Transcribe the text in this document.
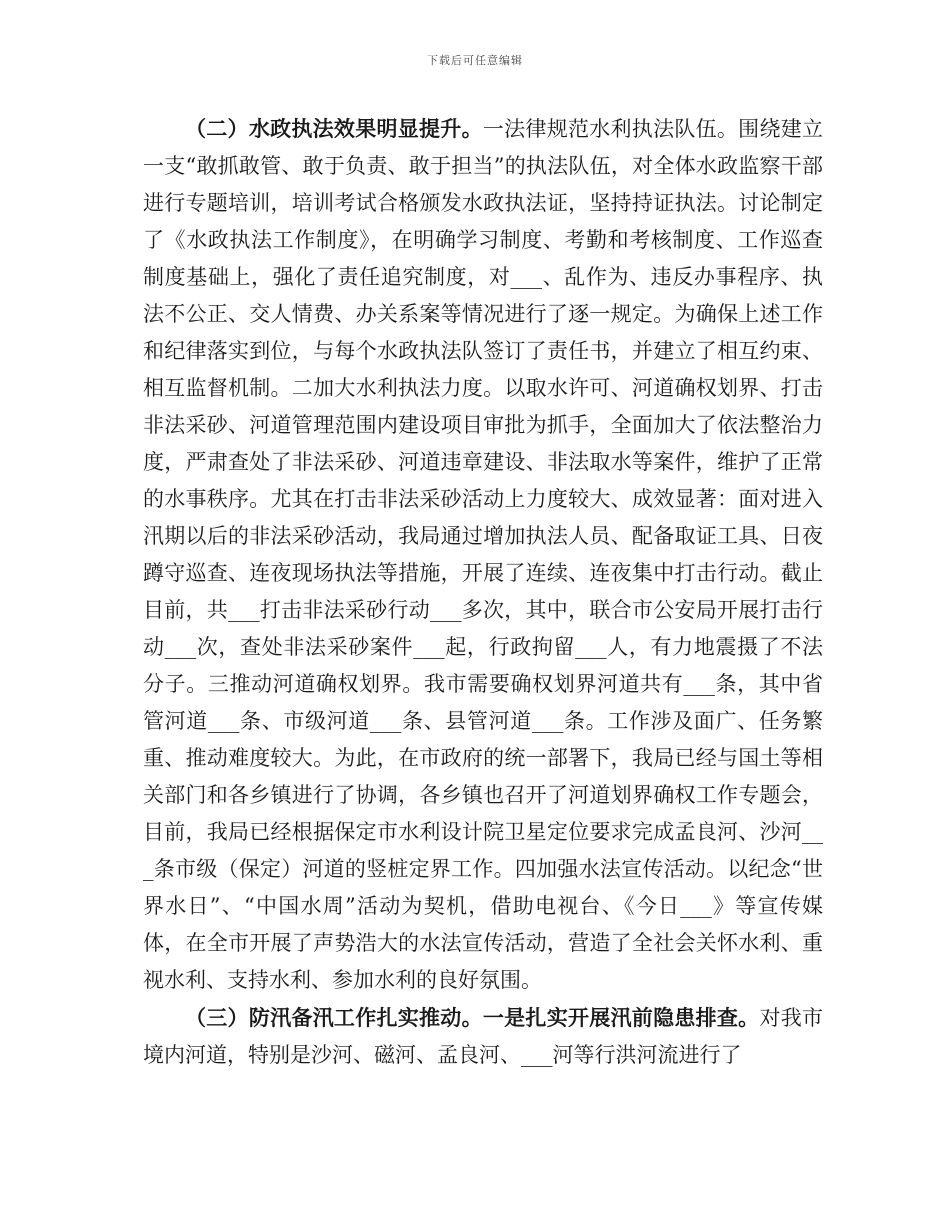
下载后可任意编辑

（二）水政执法效果明显提升。一法律规范水利执法队伍。围绕建立一支“敢抓敢管、敢于负责、敢于担当”的执法队伍，对全体水政监察干部进行专题培训，培训考试合格颁发水政执法证，坚持持证执法。讨论制定了《水政执法工作制度》，在明确学习制度、考勤和考核制度、工作巡查制度基础上，强化了责任追究制度，对___、乱作为、违反办事程序、执法不公正、交人情费、办关系案等情况进行了逐一规定。为确保上述工作和纪律落实到位，与每个水政执法队签订了责任书，并建立了相互约束、相互监督机制。二加大水利执法力度。以取水许可、河道确权划界、打击非法采砂、河道管理范围内建设项目审批为抓手，全面加大了依法整治力度，严肃查处了非法采砂、河道违章建设、非法取水等案件，维护了正常的水事秩序。尤其在打击非法采砂活动上力度较大、成效显著：面对进入汛期以后的非法采砂活动，我局通过增加执法人员、配备取证工具、日夜蹲守巡查、连夜现场执法等措施，开展了连续、连夜集中打击行动。截止目前，共___打击非法采砂行动___多次，其中，联合市公安局开展打击行动___次，查处非法采砂案件___起，行政拘留___人，有力地震摄了不法分子。三推动河道确权划界。我市需要确权划界河道共有___条，其中省管河道___条、市级河道___条、县管河道___条。工作涉及面广、任务繁重、推动难度较大。为此，在市政府的统一部署下，我局已经与国土等相关部门和各乡镇进行了协调，各乡镇也召开了河道划界确权工作专题会，目前，我局已经根据保定市水利设计院卫星定位要求完成孟良河、沙河___条市级（保定）河道的竖桩定界工作。四加强水法宣传活动。以纪念“世界水日”、“中国水周”活动为契机，借助电视台、《今日___》等宣传媒体，在全市开展了声势浩大的水法宣传活动，营造了全社会关怀水利、重视水利、支持水利、参加水利的良好氛围。

（三）防汛备汛工作扎实推动。一是扎实开展汛前隐患排查。对我市境内河道，特别是沙河、磁河、孟良河、___河等行洪河流进行了
